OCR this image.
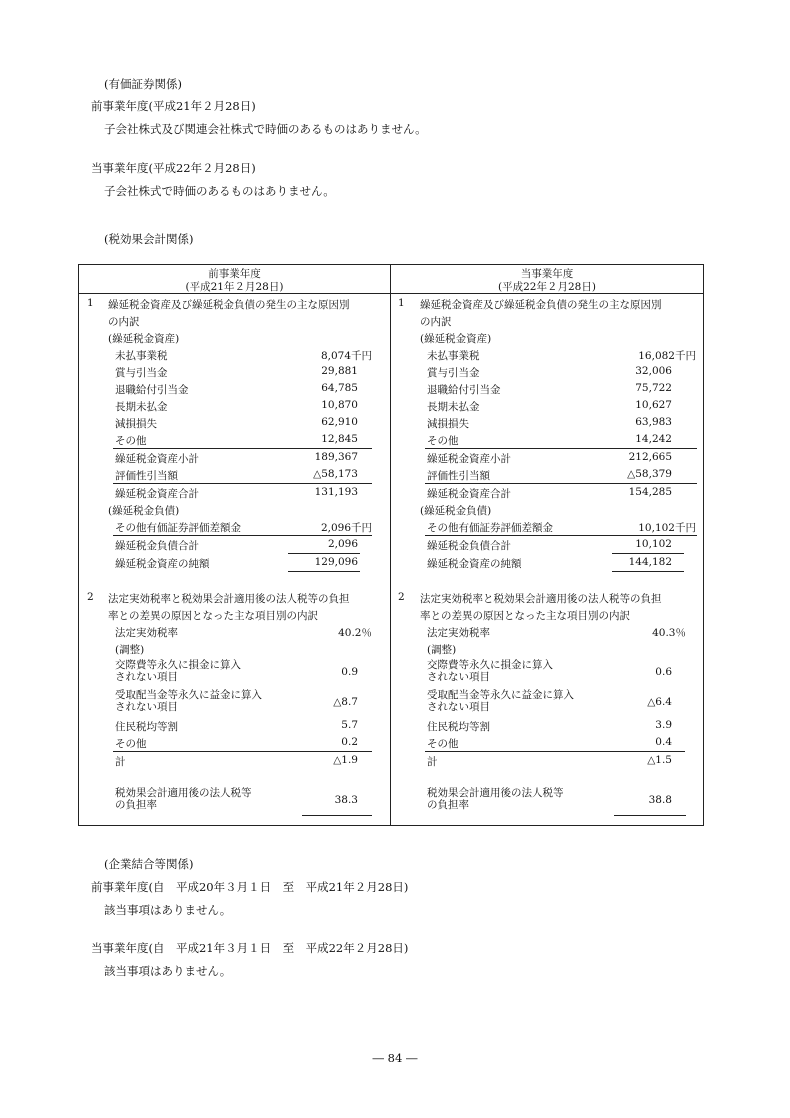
(有価証券関係)
前事業年度(平成21年２月28日)
子会社株式及び関連会社株式で時価のあるものはありません。
当事業年度(平成22年２月28日)
子会社株式で時価のあるものはありません。
(税効果会計関係)
前事業年度
(平成21年２月28日)
1 繰延税金資産及び繰延税金負債の発生の主な原因別
の内訳
(繰延税金資産)
未払事業税	8,074千円
賞与引当金	29,881
退職給付引当金	64,785
長期未払金	10,870
減損損失	62,910
その他	12,845
繰延税金資産小計	189,367
評価性引当額	△58,173
繰延税金資産合計	131,193
(繰延税金負債)
その他有価証券評価差額金	2,096千円
繰延税金負債合計	2,096
繰延税金資産の純額	129,096
2 法定実効税率と税効果会計適用後の法人税等の負担
率との差異の原因となった主な項目別の内訳
法定実効税率	40.2％
(調整)
交際費等永久に損金に算入
されない項目	0.9
受取配当金等永久に益金に算入
されない項目	△8.7
住民税均等割	5.7
その他	0.2
計	△1.9
税効果会計適用後の法人税等
の負担率	38.3
当事業年度
(平成22年２月28日)
1 繰延税金資産及び繰延税金負債の発生の主な原因別
の内訳
(繰延税金資産)
未払事業税	16,082千円
賞与引当金	32,006
退職給付引当金	75,722
長期未払金	10,627
減損損失	63,983
その他	14,242
繰延税金資産小計	212,665
評価性引当額	△58,379
繰延税金資産合計	154,285
(繰延税金負債)
その他有価証券評価差額金	10,102千円
繰延税金負債合計	10,102
繰延税金資産の純額	144,182
2 法定実効税率と税効果会計適用後の法人税等の負担
率との差異の原因となった主な項目別の内訳
法定実効税率	40.3％
(調整)
交際費等永久に損金に算入
されない項目	0.6
受取配当金等永久に益金に算入
されない項目	△6.4
住民税均等割	3.9
その他	0.4
計	△1.5
税効果会計適用後の法人税等
の負担率	38.8
(企業結合等関係)
前事業年度(自　平成20年３月１日　至　平成21年２月28日)
該当事項はありません。
当事業年度(自　平成21年３月１日　至　平成22年２月28日)
該当事項はありません。
― 84 ―
